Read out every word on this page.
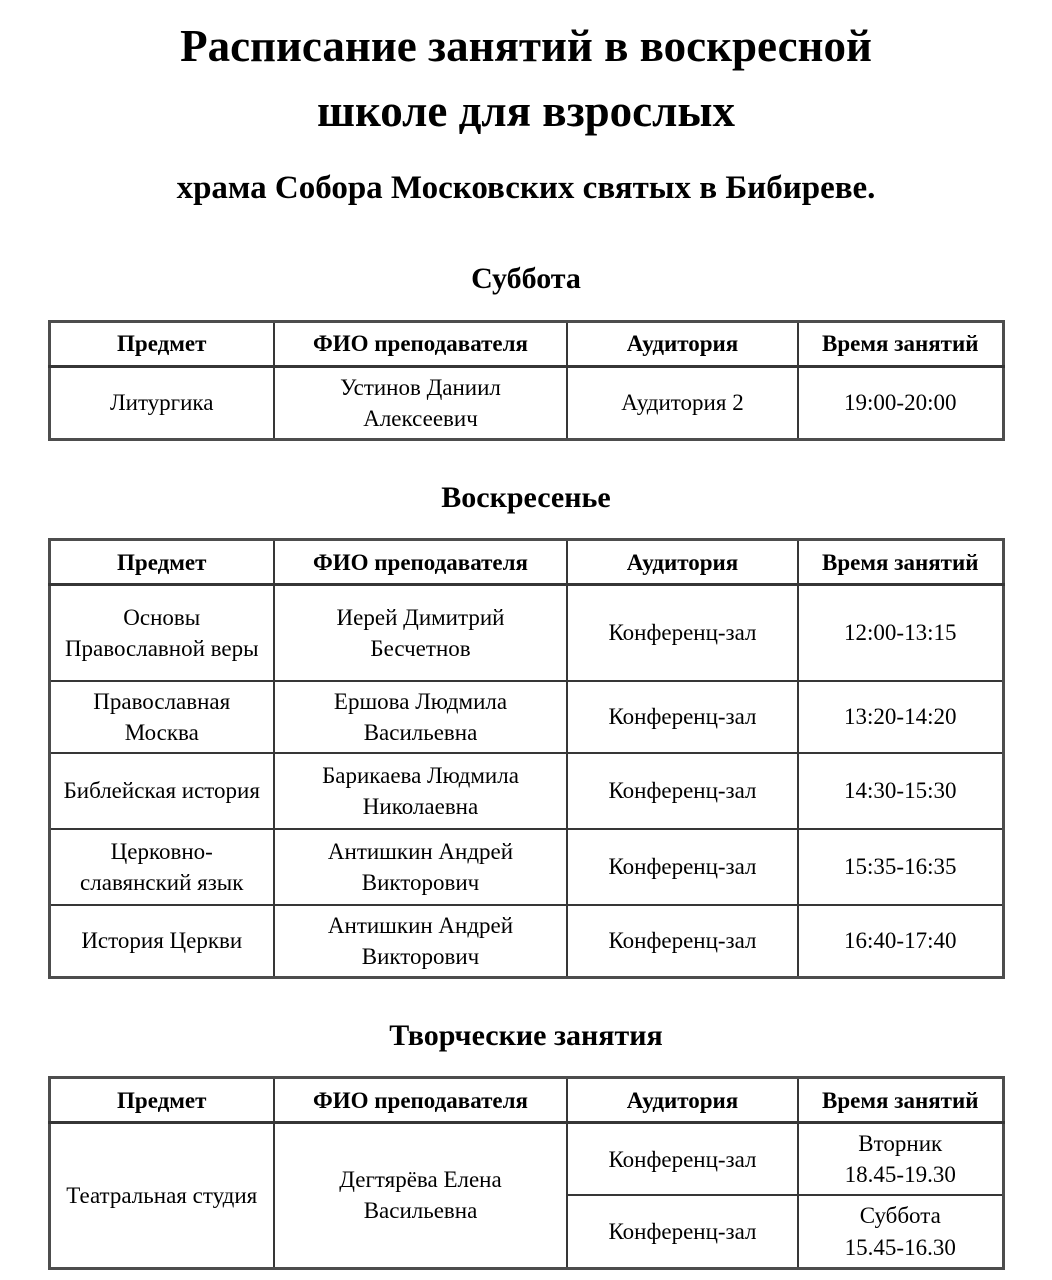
Расписание занятий в воскресной
школе для взрослых
храма Собора Московских святых в Бибиреве.
Суббота
Предмет	ФИО преподавателя	Аудитория	Время занятий
Литургика	Устинов Даниил Алексеевич	Аудитория 2	19:00-20:00
Воскресенье
Предмет	ФИО преподавателя	Аудитория	Время занятий
Основы Православной веры	Иерей Димитрий Бесчетнов	Конференц-зал	12:00-13:15
Православная Москва	Ершова Людмила Васильевна	Конференц-зал	13:20-14:20
Библейская история	Барикаева Людмила Николаевна	Конференц-зал	14:30-15:30
Церковно-славянский язык	Антишкин Андрей Викторович	Конференц-зал	15:35-16:35
История Церкви	Антишкин Андрей Викторович	Конференц-зал	16:40-17:40
Творческие занятия
Предмет	ФИО преподавателя	Аудитория	Время занятий
Театральная студия	Дегтярёва Елена Васильевна	Конференц-зал	Вторник
18.45-19.30

		Конференц-зал	Суббота
15.45-16.30
